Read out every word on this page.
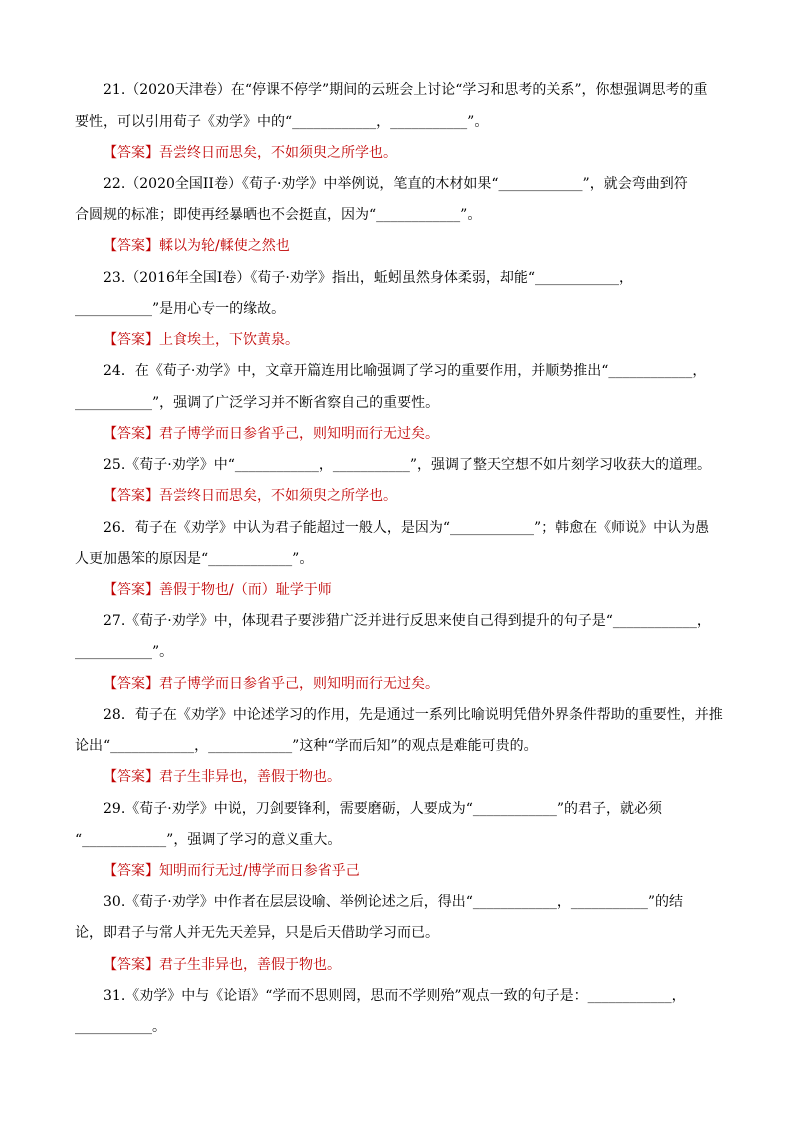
21.（2020天津卷）在“停课不停学”期间的云班会上讨论“学习和思考的关系”，你想强调思考的重
要性，可以引用荀子《劝学》中的“____________，___________”。
【答案】吾尝终日而思矣，不如须臾之所学也。
22.（2020全国II卷）《荀子·劝学》中举例说，笔直的木材如果“____________”，就会弯曲到符
合圆规的标准；即使再经暴晒也不会挺直，因为“____________”。
【答案】輮以为轮/輮使之然也
23.（2016年全国Ⅰ卷）《荀子·劝学》指出，蚯蚓虽然身体柔弱，却能“____________，
___________”是用心专一的缘故。
【答案】上食埃土，下饮黄泉。
24．在《荀子·劝学》中，文章开篇连用比喻强调了学习的重要作用，并顺势推出“____________，
___________”，强调了广泛学习并不断省察自己的重要性。
【答案】君子博学而日参省乎己，则知明而行无过矣。
25.《荀子·劝学》中“____________，___________”，强调了整天空想不如片刻学习收获大的道理。
【答案】吾尝终日而思矣，不如须臾之所学也。
26．荀子在《劝学》中认为君子能超过一般人，是因为“____________”；韩愈在《师说》中认为愚
人更加愚笨的原因是“____________”。
【答案】善假于物也/（而）耻学于师
27.《荀子·劝学》中，体现君子要涉猎广泛并进行反思来使自己得到提升的句子是“____________，
___________”。
【答案】君子博学而日参省乎己，则知明而行无过矣。
28．荀子在《劝学》中论述学习的作用，先是通过一系列比喻说明凭借外界条件帮助的重要性，并推
论出“____________，____________”这种“学而后知”的观点是难能可贵的。
【答案】君子生非异也，善假于物也。
29.《荀子·劝学》中说，刀剑要锋利，需要磨砺，人要成为“____________”的君子，就必须
“____________”，强调了学习的意义重大。
【答案】知明而行无过/博学而日参省乎己
30.《荀子·劝学》中作者在层层设喻、举例论述之后，得出“____________，___________”的结
论，即君子与常人并无先天差异，只是后天借助学习而已。
【答案】君子生非异也，善假于物也。
31.《劝学》中与《论语》“学而不思则罔，思而不学则殆”观点一致的句子是：____________，
___________。
